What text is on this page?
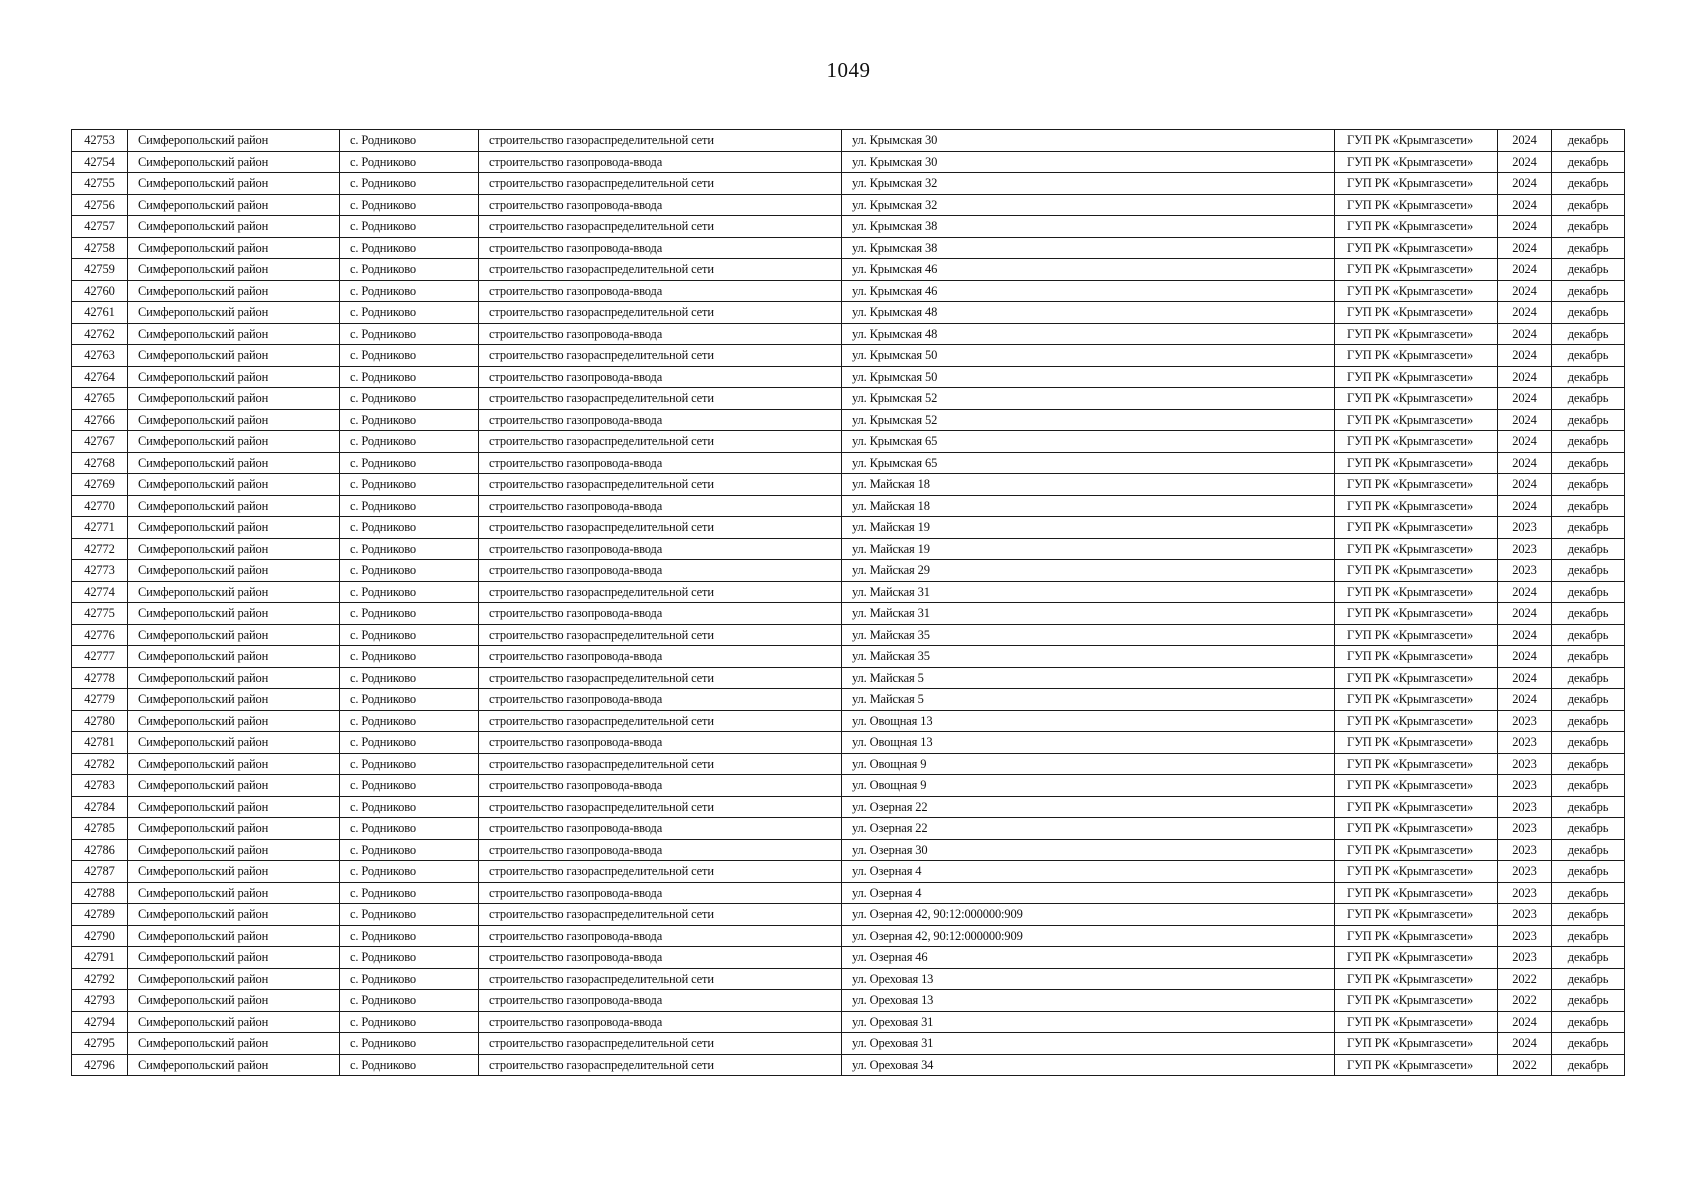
1049
42753	Симферопольский район	с. Родниково	строительство газораспределительной сети	ул. Крымская 30	ГУП РК «Крымгазсети»	2024	декабрь
42754	Симферопольский район	с. Родниково	строительство газопровода-ввода	ул. Крымская 30	ГУП РК «Крымгазсети»	2024	декабрь
42755	Симферопольский район	с. Родниково	строительство газораспределительной сети	ул. Крымская 32	ГУП РК «Крымгазсети»	2024	декабрь
42756	Симферопольский район	с. Родниково	строительство газопровода-ввода	ул. Крымская 32	ГУП РК «Крымгазсети»	2024	декабрь
42757	Симферопольский район	с. Родниково	строительство газораспределительной сети	ул. Крымская 38	ГУП РК «Крымгазсети»	2024	декабрь
42758	Симферопольский район	с. Родниково	строительство газопровода-ввода	ул. Крымская 38	ГУП РК «Крымгазсети»	2024	декабрь
42759	Симферопольский район	с. Родниково	строительство газораспределительной сети	ул. Крымская 46	ГУП РК «Крымгазсети»	2024	декабрь
42760	Симферопольский район	с. Родниково	строительство газопровода-ввода	ул. Крымская 46	ГУП РК «Крымгазсети»	2024	декабрь
42761	Симферопольский район	с. Родниково	строительство газораспределительной сети	ул. Крымская 48	ГУП РК «Крымгазсети»	2024	декабрь
42762	Симферопольский район	с. Родниково	строительство газопровода-ввода	ул. Крымская 48	ГУП РК «Крымгазсети»	2024	декабрь
42763	Симферопольский район	с. Родниково	строительство газораспределительной сети	ул. Крымская 50	ГУП РК «Крымгазсети»	2024	декабрь
42764	Симферопольский район	с. Родниково	строительство газопровода-ввода	ул. Крымская 50	ГУП РК «Крымгазсети»	2024	декабрь
42765	Симферопольский район	с. Родниково	строительство газораспределительной сети	ул. Крымская 52	ГУП РК «Крымгазсети»	2024	декабрь
42766	Симферопольский район	с. Родниково	строительство газопровода-ввода	ул. Крымская 52	ГУП РК «Крымгазсети»	2024	декабрь
42767	Симферопольский район	с. Родниково	строительство газораспределительной сети	ул. Крымская 65	ГУП РК «Крымгазсети»	2024	декабрь
42768	Симферопольский район	с. Родниково	строительство газопровода-ввода	ул. Крымская 65	ГУП РК «Крымгазсети»	2024	декабрь
42769	Симферопольский район	с. Родниково	строительство газораспределительной сети	ул. Майская 18	ГУП РК «Крымгазсети»	2024	декабрь
42770	Симферопольский район	с. Родниково	строительство газопровода-ввода	ул. Майская 18	ГУП РК «Крымгазсети»	2024	декабрь
42771	Симферопольский район	с. Родниково	строительство газораспределительной сети	ул. Майская 19	ГУП РК «Крымгазсети»	2023	декабрь
42772	Симферопольский район	с. Родниково	строительство газопровода-ввода	ул. Майская 19	ГУП РК «Крымгазсети»	2023	декабрь
42773	Симферопольский район	с. Родниково	строительство газопровода-ввода	ул. Майская 29	ГУП РК «Крымгазсети»	2023	декабрь
42774	Симферопольский район	с. Родниково	строительство газораспределительной сети	ул. Майская 31	ГУП РК «Крымгазсети»	2024	декабрь
42775	Симферопольский район	с. Родниково	строительство газопровода-ввода	ул. Майская 31	ГУП РК «Крымгазсети»	2024	декабрь
42776	Симферопольский район	с. Родниково	строительство газораспределительной сети	ул. Майская 35	ГУП РК «Крымгазсети»	2024	декабрь
42777	Симферопольский район	с. Родниково	строительство газопровода-ввода	ул. Майская 35	ГУП РК «Крымгазсети»	2024	декабрь
42778	Симферопольский район	с. Родниково	строительство газораспределительной сети	ул. Майская 5	ГУП РК «Крымгазсети»	2024	декабрь
42779	Симферопольский район	с. Родниково	строительство газопровода-ввода	ул. Майская 5	ГУП РК «Крымгазсети»	2024	декабрь
42780	Симферопольский район	с. Родниково	строительство газораспределительной сети	ул. Овощная 13	ГУП РК «Крымгазсети»	2023	декабрь
42781	Симферопольский район	с. Родниково	строительство газопровода-ввода	ул. Овощная 13	ГУП РК «Крымгазсети»	2023	декабрь
42782	Симферопольский район	с. Родниково	строительство газораспределительной сети	ул. Овощная 9	ГУП РК «Крымгазсети»	2023	декабрь
42783	Симферопольский район	с. Родниково	строительство газопровода-ввода	ул. Овощная 9	ГУП РК «Крымгазсети»	2023	декабрь
42784	Симферопольский район	с. Родниково	строительство газораспределительной сети	ул. Озерная 22	ГУП РК «Крымгазсети»	2023	декабрь
42785	Симферопольский район	с. Родниково	строительство газопровода-ввода	ул. Озерная 22	ГУП РК «Крымгазсети»	2023	декабрь
42786	Симферопольский район	с. Родниково	строительство газопровода-ввода	ул. Озерная 30	ГУП РК «Крымгазсети»	2023	декабрь
42787	Симферопольский район	с. Родниково	строительство газораспределительной сети	ул. Озерная 4	ГУП РК «Крымгазсети»	2023	декабрь
42788	Симферопольский район	с. Родниково	строительство газопровода-ввода	ул. Озерная 4	ГУП РК «Крымгазсети»	2023	декабрь
42789	Симферопольский район	с. Родниково	строительство газораспределительной сети	ул. Озерная 42, 90:12:000000:909	ГУП РК «Крымгазсети»	2023	декабрь
42790	Симферопольский район	с. Родниково	строительство газопровода-ввода	ул. Озерная 42, 90:12:000000:909	ГУП РК «Крымгазсети»	2023	декабрь
42791	Симферопольский район	с. Родниково	строительство газопровода-ввода	ул. Озерная 46	ГУП РК «Крымгазсети»	2023	декабрь
42792	Симферопольский район	с. Родниково	строительство газораспределительной сети	ул. Ореховая 13	ГУП РК «Крымгазсети»	2022	декабрь
42793	Симферопольский район	с. Родниково	строительство газопровода-ввода	ул. Ореховая 13	ГУП РК «Крымгазсети»	2022	декабрь
42794	Симферопольский район	с. Родниково	строительство газопровода-ввода	ул. Ореховая 31	ГУП РК «Крымгазсети»	2024	декабрь
42795	Симферопольский район	с. Родниково	строительство газораспределительной сети	ул. Ореховая 31	ГУП РК «Крымгазсети»	2024	декабрь
42796	Симферопольский район	с. Родниково	строительство газораспределительной сети	ул. Ореховая 34	ГУП РК «Крымгазсети»	2022	декабрь
